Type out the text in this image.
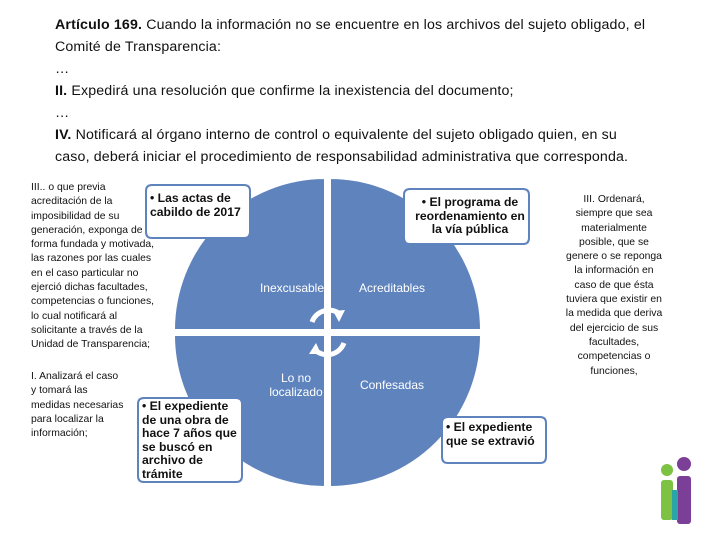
Artículo 169. Cuando la información no se encuentre en los archivos del sujeto obligado, el

Comité de Transparencia:

…

II. Expedirá una resolución que confirme la inexistencia del documento;

…

IV. Notificará al órgano interno de control o equivalente del sujeto obligado quien, en su

caso, deberá iniciar el procedimiento de responsabilidad administrativa que corresponda.

Inexcusables	Acreditables
Lo no localizado	Confesadas
• Las actas de cabildo de 2017
• El programa de reordenamiento en la vía pública
• El expediente de una obra de hace 7 años que se buscó en archivo de trámite
• El expediente que se extravió
III.. o que previa acreditación de la imposibilidad de su generación, exponga de forma fundada y motivada, las razones por las cuales en el caso particular no ejerció dichas facultades, competencias o funciones, lo cual notificará al solicitante a través de la Unidad de Transparencia;
I. Analizará el caso y tomará las medidas necesarias para localizar la información;
III. Ordenará, siempre que sea materialmente posible, que se genere o se reponga la información en caso de que ésta tuviera que existir en la medida que deriva del ejercicio de sus facultades, competencias o funciones,
